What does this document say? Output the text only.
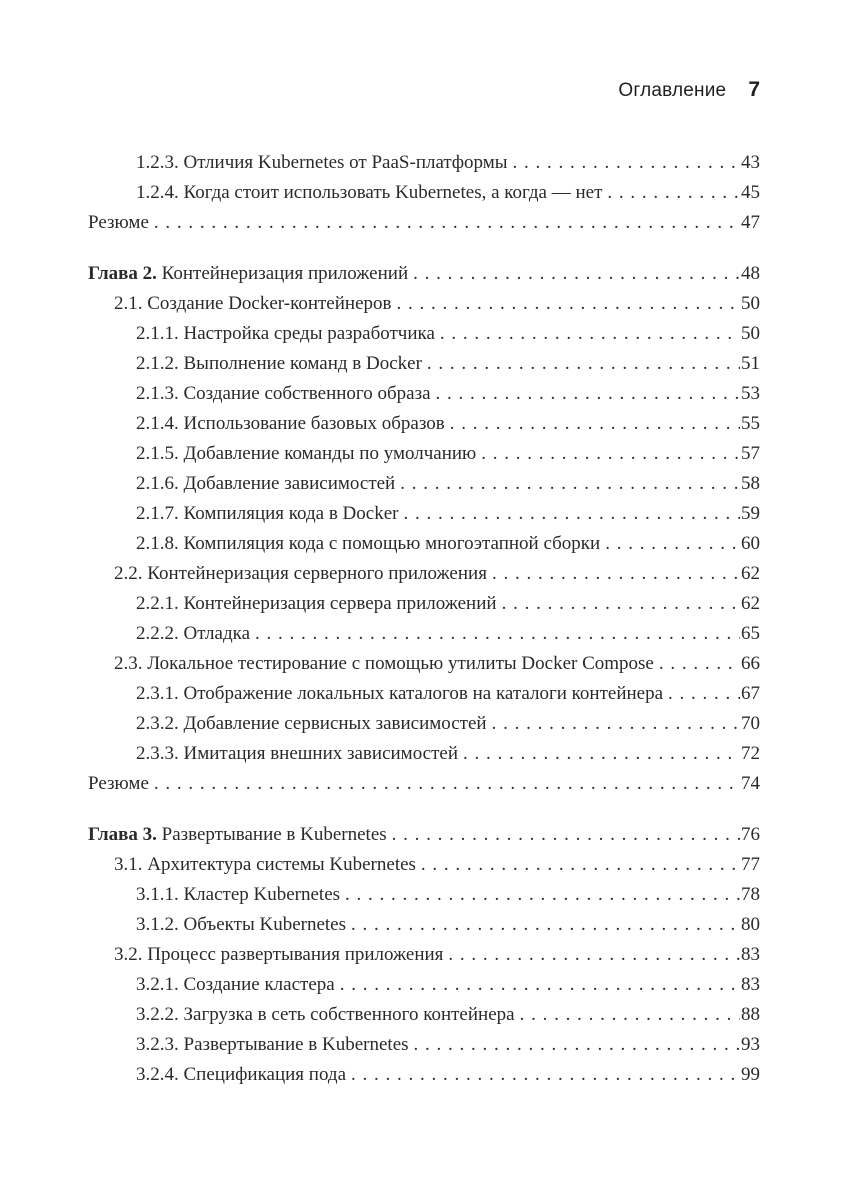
Оглавление 7
1.2.3. Отличия Kubernetes от PaaS-платформы . . .	43
1.2.4. Когда стоит использовать Kubernetes, а когда — нет . . .	45
Резюме . . .	47
Глава 2. Контейнеризация приложений . . .	48
2.1. Создание Docker-контейнеров . . .	50
2.1.1. Настройка среды разработчика . . .	50
2.1.2. Выполнение команд в Docker . . .	51
2.1.3. Создание собственного образа . . .	53
2.1.4. Использование базовых образов . . .	55
2.1.5. Добавление команды по умолчанию . . .	57
2.1.6. Добавление зависимостей . . .	58
2.1.7. Компиляция кода в Docker . . .	59
2.1.8. Компиляция кода с помощью многоэтапной сборки . . .	60
2.2. Контейнеризация серверного приложения . . .	62
2.2.1. Контейнеризация сервера приложений . . .	62
2.2.2. Отладка . . .	65
2.3. Локальное тестирование с помощью утилиты Docker Compose . . .	66
2.3.1. Отображение локальных каталогов на каталоги контейнера . . .	67
2.3.2. Добавление сервисных зависимостей . . .	70
2.3.3. Имитация внешних зависимостей . . .	72
Резюме . . .	74
Глава 3. Развертывание в Kubernetes . . .	76
3.1. Архитектура системы Kubernetes . . .	77
3.1.1. Кластер Kubernetes . . .	78
3.1.2. Объекты Kubernetes . . .	80
3.2. Процесс развертывания приложения . . .	83
3.2.1. Создание кластера . . .	83
3.2.2. Загрузка в сеть собственного контейнера . . .	88
3.2.3. Развертывание в Kubernetes . . .	93
3.2.4. Спецификация пода . . .	99
